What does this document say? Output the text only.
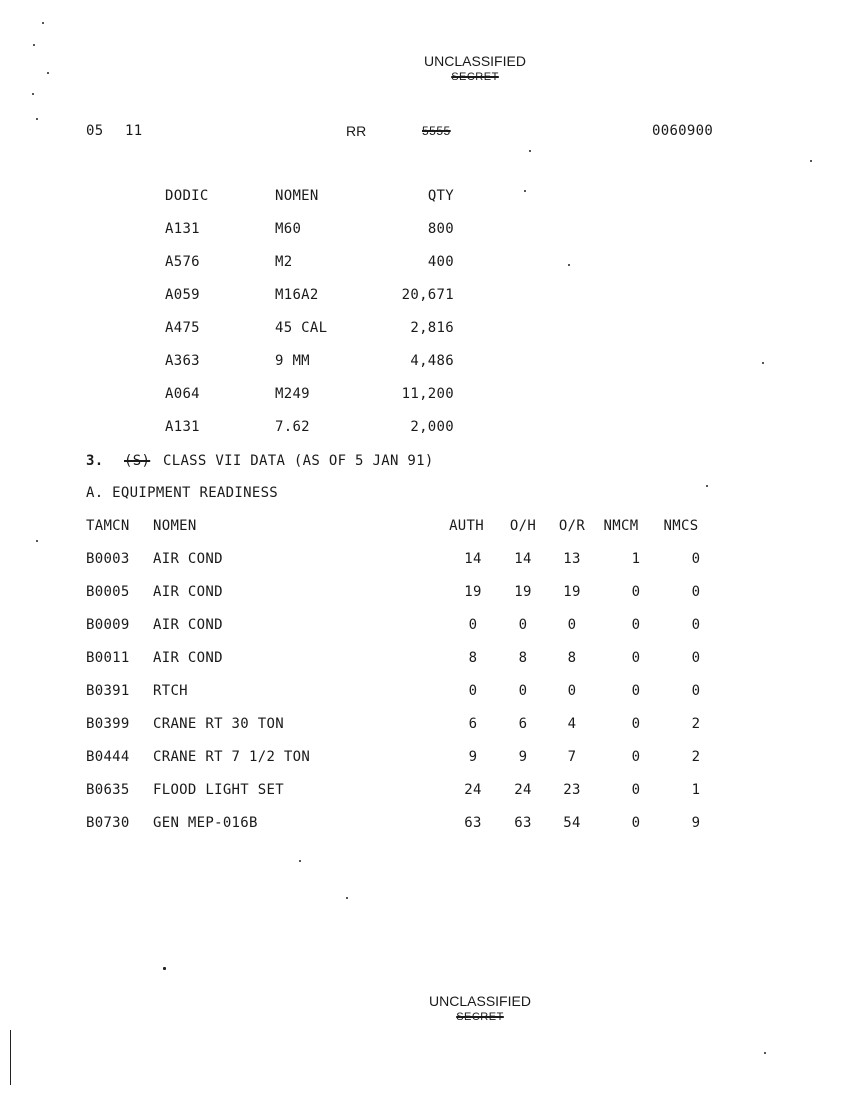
UNCLASSIFIED
SECRET
05 11	RR	5555	0060900
DODIC	NOMEN	QTY
A131	M60	800
A576	M2	400
A059	M16A2	20,671
A475	45 CAL	2,816
A363	9 MM	4,486
A064	M249	11,200
A131	7.62	2,000
3. (S) CLASS VII DATA (AS OF 5 JAN 91)
A. EQUIPMENT READINESS
TAMCN NOMEN	AUTH	O/H	O/R	NMCM	NMCS
B0003 AIR COND	14	14	13	1	0
B0005 AIR COND	19	19	19	0	0
B0009 AIR COND	0	0	0	0	0
B0011 AIR COND	8	8	8	0	0
B0391 RTCH	0	0	0	0	0
B0399 CRANE RT 30 TON	6	6	4	0	2
B0444 CRANE RT 7 1/2 TON	9	9	7	0	2
B0635 FLOOD LIGHT SET	24	24	23	0	1
B0730 GEN MEP-016B	63	63	54	0	9
UNCLASSIFIED
SECRET
